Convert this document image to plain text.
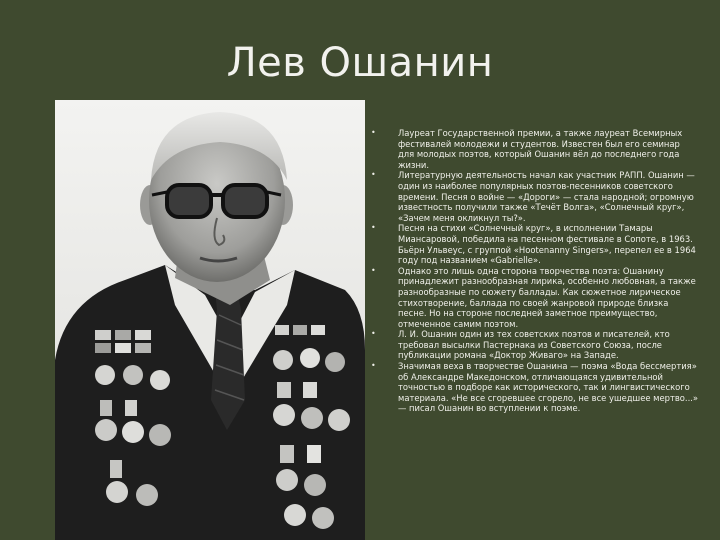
Лев Ошанин
•	Лауреат Государственной премии, а также лауреат Всемирных фестивалей молодежи и студентов. Известен был его семинар для молодых поэтов, который Ошанин вёл до последнего года жизни.
•	Литературную деятельность начал как участник РАПП. Ошанин — один из наиболее популярных поэтов-песенников советского времени. Песня о войне — «Дороги» — стала народной; огромную известность получили также «Течёт Волга», «Солнечный круг», «Зачем меня окликнул ты?».
•	Песня на стихи «Солнечный круг», в исполнении Тамары Миансаровой, победила на песенном фестивале в Сопоте, в 1963. Бьёрн Ульвеус, с группой «Hootenanny Singers», перепел ее в 1964 году под названием «Gabrielle».
•	Однако это лишь одна сторона творчества поэта: Ошанину принадлежит разнообразная лирика, особенно любовная, а также разнообразные по сюжету баллады. Как сюжетное лирическое стихотворение, баллада по своей жанровой природе близка песне. Но на стороне последней заметное преимущество, отмеченное самим поэтом.
•	Л. И. Ошанин один из тех советских поэтов и писателей, кто требовал высылки Пастернака из Советского Союза, после публикации романа «Доктор Живаго» на Западе.
•	Значимая веха в творчестве Ошанина — поэма «Вода бессмертия» об Александре Македонском, отличающаяся удивительной точностью в подборе как исторического, так и лингвистического материала. «Не все сгоревшее сгорело, не все ушедшее мертво...» — писал Ошанин во вступлении к поэме.
